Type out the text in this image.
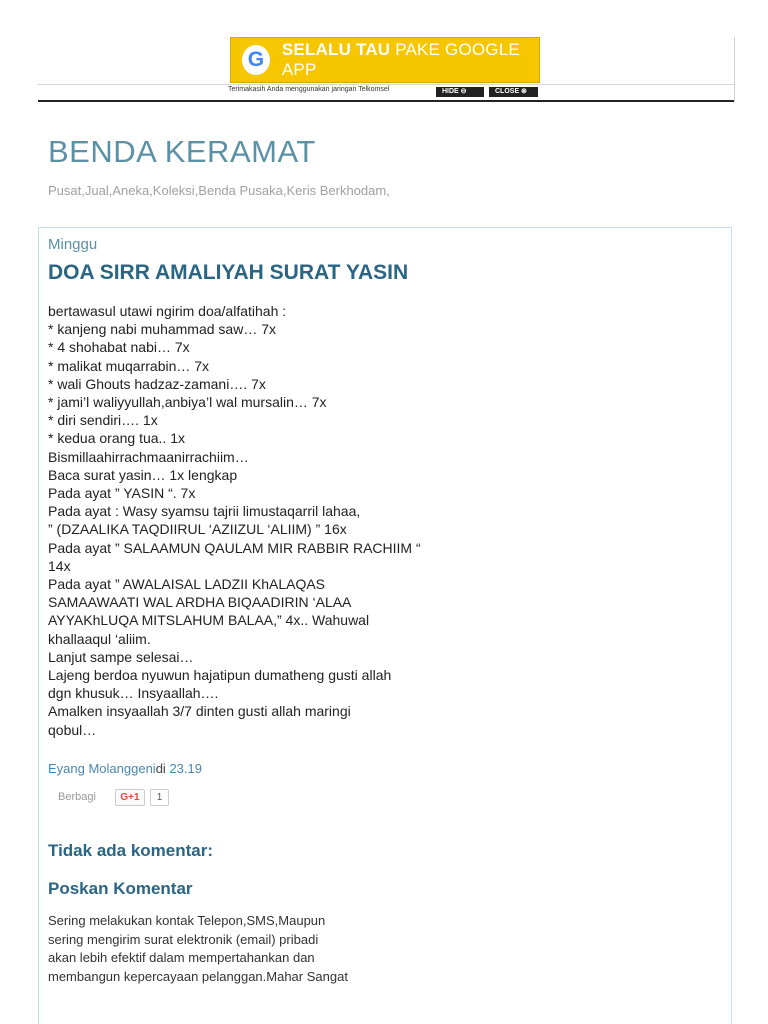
G	SELALU TAU PAKE GOOGLE APP
Terimakasih Anda menggunakan jaringan Telkomsel	HIDE ⊖	CLOSE ⊗
BENDA KERAMAT
Pusat,Jual,Aneka,Koleksi,Benda Pusaka,Keris Berkhodam,
Minggu
DOA SIRR AMALIYAH SURAT YASIN
bertawasul utawi ngirim doa/alfatihah :
* kanjeng nabi muhammad saw… 7x
* 4 shohabat nabi… 7x
* malikat muqarrabin… 7x
* wali Ghouts hadzaz-zamani…. 7x
* jami’l waliyyullah,anbiya’l wal mursalin… 7x
* diri sendiri…. 1x
* kedua orang tua.. 1x
Bismillaahirrachmaanirrachiim…
Baca surat yasin… 1x lengkap
Pada ayat ” YASIN “. 7x
Pada ayat : Wasy syamsu tajrii limustaqarril lahaa,
” (DZAALIKA TAQDIIRUL ‘AZIIZUL ‘ALIIM) ” 16x
Pada ayat ” SALAAMUN QAULAM MIR RABBIR RACHIIM “
14x
Pada ayat ” AWALAISAL LADZII KhALAQAS
SAMAAWAATI WAL ARDHA BIQAADIRIN ‘ALAA
AYYAKhLUQA MITSLAHUM BALAA,” 4x.. Wahuwal
khallaaqul ‘aliim.
Lanjut sampe selesai…
Lajeng berdoa nyuwun hajatipun dumatheng gusti allah
dgn khusuk… Insyaallah….
Amalken insyaallah 3/7 dinten gusti allah maringi
qobul…
Eyang Molanggenidi 23.19
Berbagi	G+1	1
Tidak ada komentar:
Poskan Komentar
Sering melakukan kontak Telepon,SMS,Maupun
sering mengirim surat elektronik (email) pribadi
akan lebih efektif dalam mempertahankan dan
membangun kepercayaan pelanggan.Mahar Sangat
